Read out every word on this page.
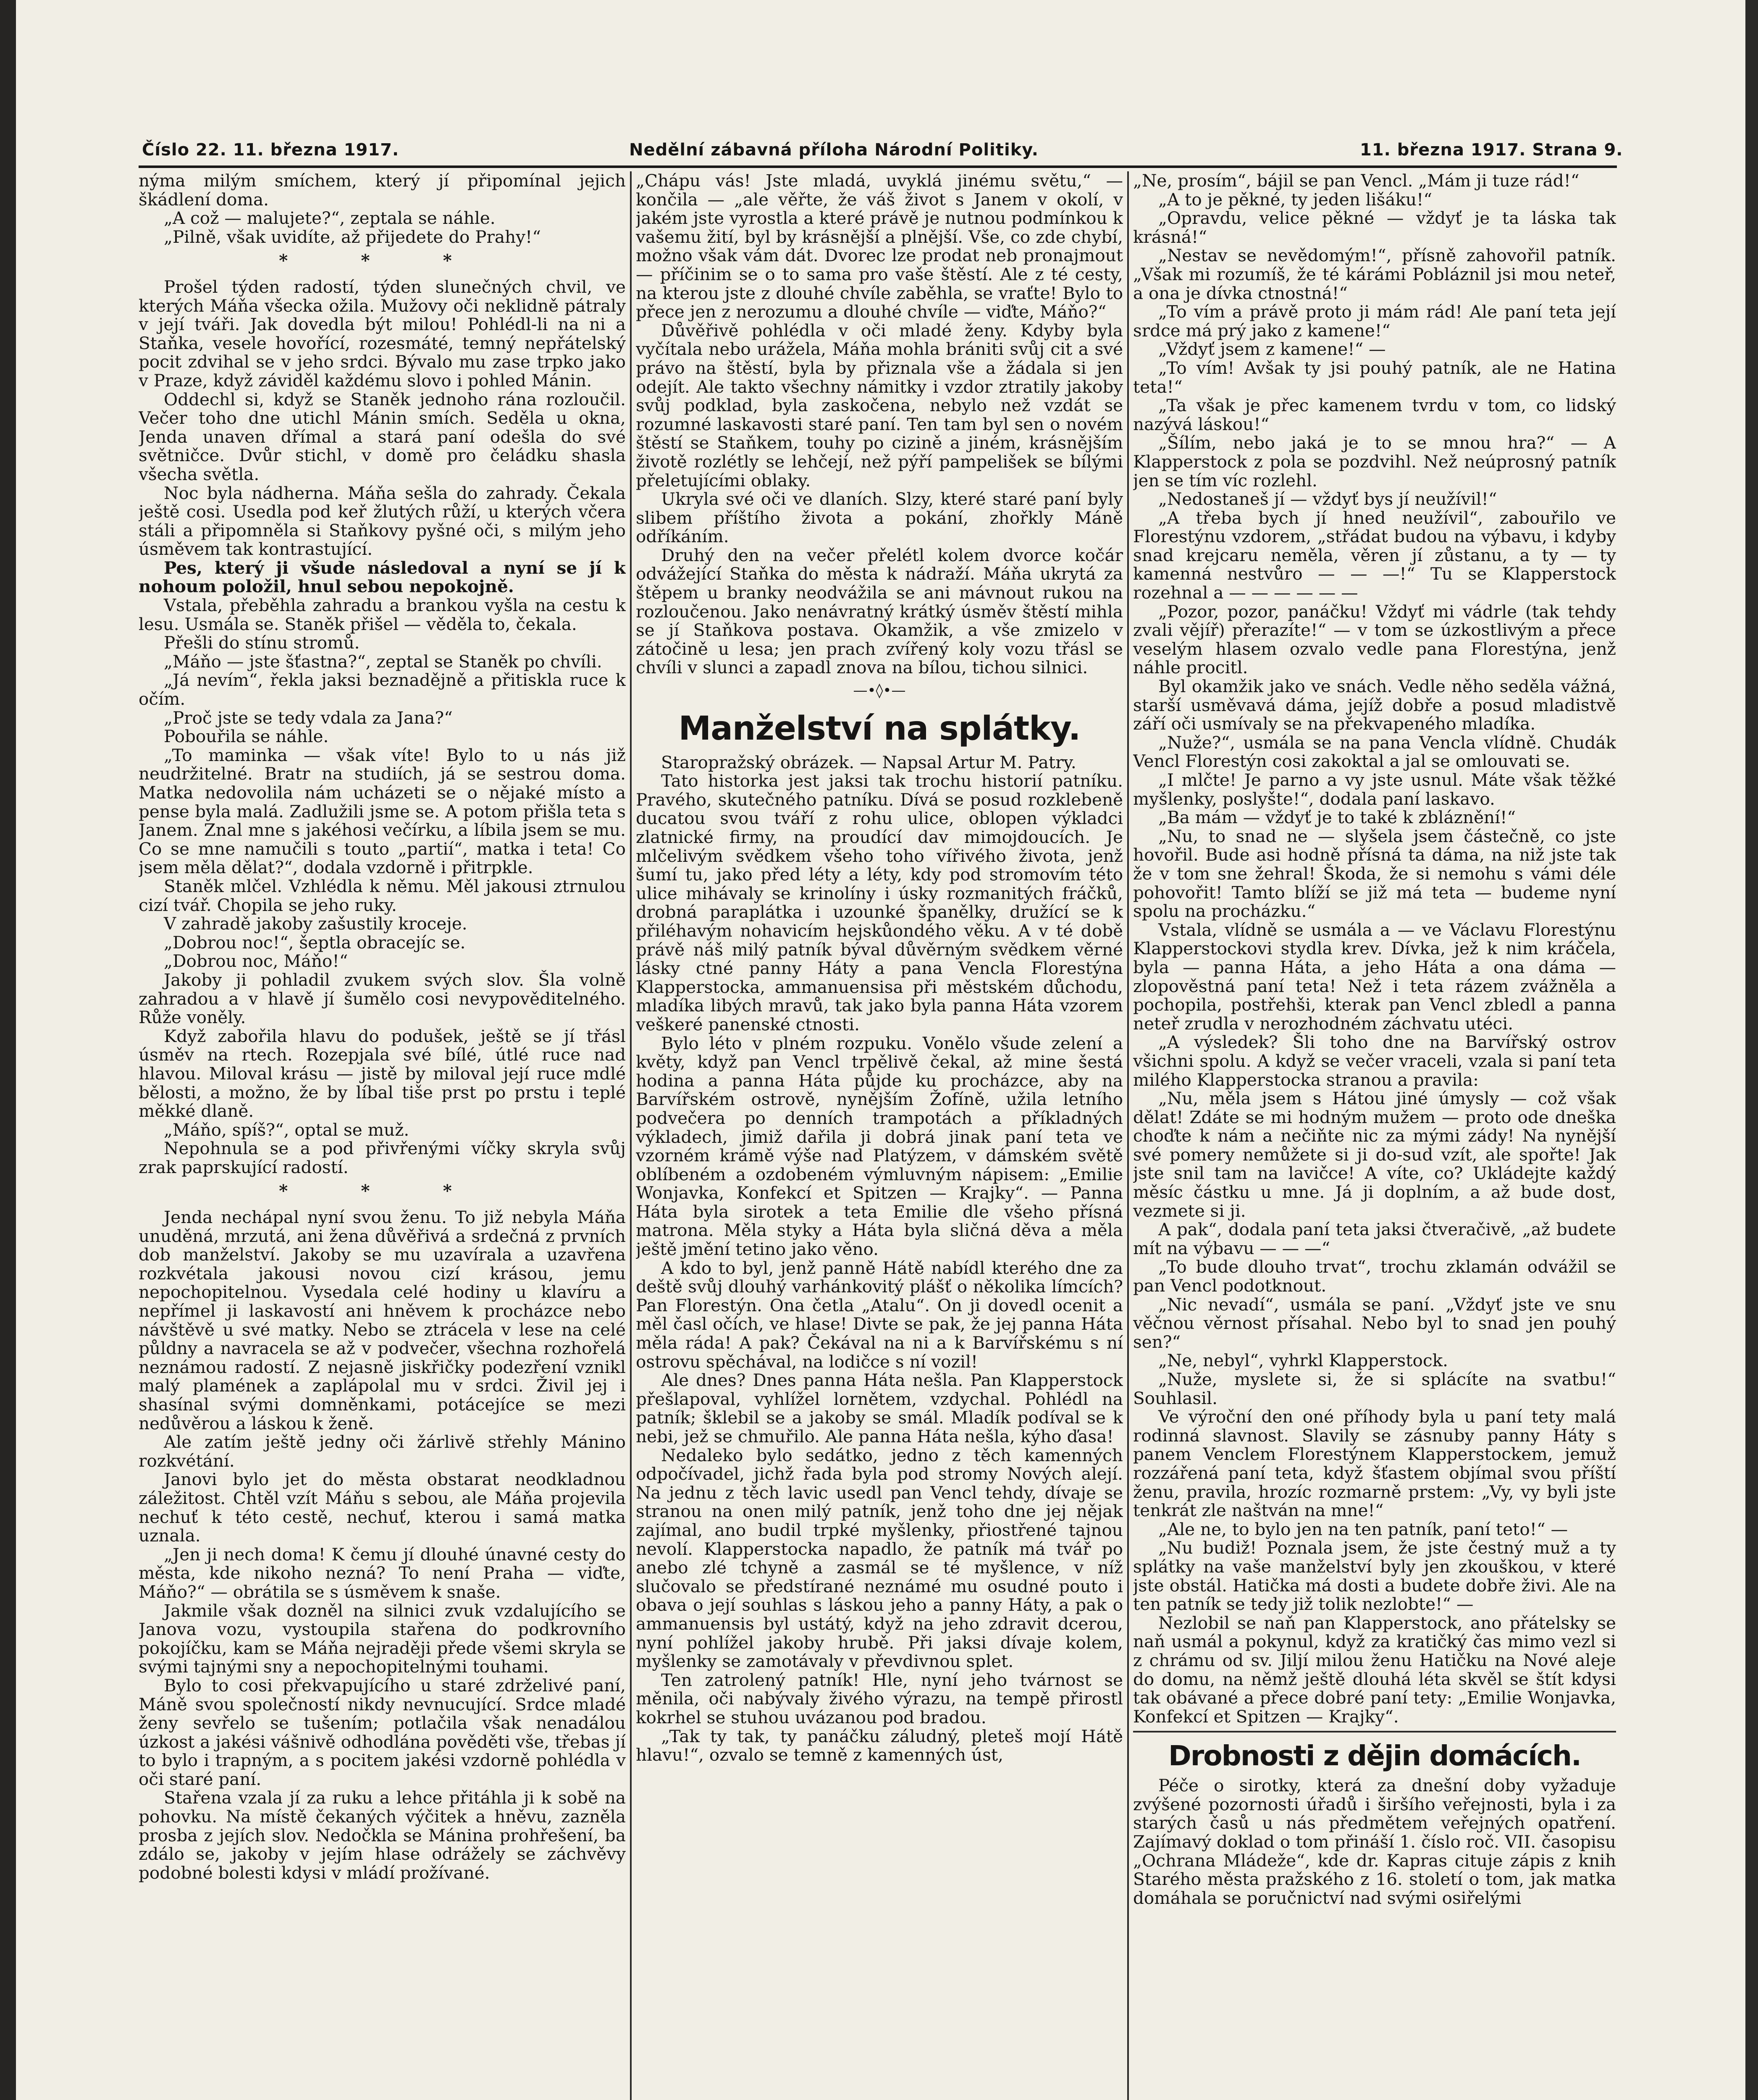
Číslo 22. 11. března 1917.	Nedělní zábavná příloha Národní Politiky.	11. března 1917. Strana 9.

nýma milým smíchem, který jí připomínal jejich škádlení doma.

„A což — malujete?“, zeptala se náhle.

„Pilně, však uvidíte, až přijedete do Prahy!“

* * *

Prošel týden radostí, týden slunečných chvil, ve kterých Máňa všecka ožila. Mužovy oči neklidně pátraly v její tváři. Jak dovedla být milou! Pohlédl-li na ni a Staňka, vesele hovořící, rozesmáté, temný nepřátelský pocit zdvihal se v jeho srdci. Bývalo mu zase trpko jako v Praze, když záviděl každému slovo i pohled Mánin.

Oddechl si, když se Staněk jednoho rána rozloučil. Večer toho dne utichl Mánin smích. Seděla u okna, Jenda unaven dřímal a stará paní odešla do své světničce. Dvůr stichl, v domě pro čeládku shasla všecha světla.

Noc byla nádherna. Máňa sešla do zahrady. Čekala ještě cosi. Usedla pod keř žlutých růží, u kterých včera stáli a připomněla si Staňkovy pyšné oči, s milým jeho úsměvem tak kontrastující.

Pes, který ji všude následoval a nyní se jí k nohoum položil, hnul sebou nepokojně.

Vstala, přeběhla zahradu a brankou vyšla na cestu k lesu. Usmála se. Staněk přišel — věděla to, čekala.

Přešli do stínu stromů.

„Máňo — jste šťastna?“, zeptal se Staněk po chvíli.

„Já nevím“, řekla jaksi beznadějně a přitiskla ruce k očím.

„Proč jste se tedy vdala za Jana?“

Pobouřila se náhle.

„To maminka — však víte! Bylo to u nás již neudržitelné. Bratr na studiích, já se sestrou doma. Matka nedovolila nám ucházeti se o nějaké místo a pense byla malá. Zadlužili jsme se. A potom přišla teta s Janem. Znal mne s jakéhosi večírku, a líbila jsem se mu. Co se mne namučili s touto „partií“, matka i teta! Co jsem měla dělat?“, dodala vzdorně i přitrpkle.

Staněk mlčel. Vzhlédla k němu. Měl jakousi ztrnulou cizí tvář. Chopila se jeho ruky.

V zahradě jakoby zašustily kroceje.

„Dobrou noc!“, šeptla obracejíc se.

„Dobrou noc, Máňo!“

Jakoby ji pohladil zvukem svých slov. Šla volně zahradou a v hlavě jí šumělo cosi nevypověditelného. Růže voněly.

Když zabořila hlavu do podušek, ještě se jí třásl úsměv na rtech. Rozepjala své bílé, útlé ruce nad hlavou. Miloval krásu — jistě by miloval její ruce mdlé bělosti, a možno, že by líbal tiše prst po prstu i teplé měkké dlaně.

„Máňo, spíš?“, optal se muž.

Nepohnula se a pod přivřenými víčky skryla svůj zrak paprskující radostí.

* * *

Jenda nechápal nyní svou ženu. To již nebyla Máňa unuděná, mrzutá, ani žena důvěřivá a srdečná z prvních dob manželství. Jakoby se mu uzavírala a uzavřena rozkvétala jakousi novou cizí krásou, jemu nepochopitelnou. Vysedala celé hodiny u klavíru a nepřímel ji laskavostí ani hněvem k procházce nebo návštěvě u své matky. Nebo se ztrácela v lese na celé půldny a navracela se až v podvečer, všechna rozhořelá neznámou radostí. Z nejasně jiskřičky podezření vznikl malý plamének a zaplápolal mu v srdci. Živil jej i shasínal svými domněnkami, potácejíce se mezi nedůvěrou a láskou k ženě.

Ale zatím ještě jedny oči žárlivě střehly Mánino rozkvétání.

Janovi bylo jet do města obstarat neodkladnou záležitost. Chtěl vzít Máňu s sebou, ale Máňa projevila nechuť k této cestě, nechuť, kterou i samá matka uznala.

„Jen ji nech doma! K čemu jí dlouhé únavné cesty do města, kde nikoho nezná? To není Praha — viďte, Máňo?“ — obrátila se s úsměvem k snaše.

Jakmile však dozněl na silnici zvuk vzdalujícího se Janova vozu, vystoupila stařena do podkrovního pokojíčku, kam se Máňa nejraději přede všemi skryla se svými tajnými sny a nepochopitelnými touhami.

Bylo to cosi překvapujícího u staré zdrželivé paní, Máně svou společností nikdy nevnucující. Srdce mladé ženy sevřelo se tušením; potlačila však nenadálou úzkost a jakési vášnivě odhodlána pověděti vše, třebas jí to bylo i trapným, a s pocitem jakési vzdorně pohlédla v oči staré paní.

Stařena vzala jí za ruku a lehce přitáhla ji k sobě na pohovku. Na místě čekaných výčitek a hněvu, zazněla prosba z jejích slov. Nedočkla se Mánina prohřešení, ba zdálo se, jakoby v jejím hlase odrážely se záchvěvy podobné bolesti kdysi v mládí prožívané.

„Chápu vás! Jste mladá, uvyklá jinému světu,“ — končila — „ale věřte, že váš život s Janem v okolí, v jakém jste vyrostla a které právě je nutnou podmínkou k vašemu žití, byl by krásnější a plnější. Vše, co zde chybí, možno však vám dát. Dvorec lze prodat neb pronajmout — příčinim se o to sama pro vaše štěstí. Ale z té cesty, na kterou jste z dlouhé chvíle zaběhla, se vraťte! Bylo to přece jen z nerozumu a dlouhé chvíle — viďte, Máňo?“

Důvěřivě pohlédla v oči mladé ženy. Kdyby byla vyčítala nebo urážela, Máňa mohla brániti svůj cit a své právo na štěstí, byla by přiznala vše a žádala si jen odejít. Ale takto všechny námitky i vzdor ztratily jakoby svůj podklad, byla zaskočena, nebylo než vzdát se rozumné laskavosti staré paní. Ten tam byl sen o novém štěstí se Staňkem, touhy po cizině a jiném, krásnějším životě rozlétly se lehčejí, než pýří pampelišek se bílými přeletujícími oblaky.

Ukryla své oči ve dlaních. Slzy, které staré paní byly slibem příštího života a pokání, zhořkly Máně odříkáním.

Druhý den na večer přelétl kolem dvorce kočár odvážející Staňka do města k nádraží. Máňa ukrytá za štěpem u branky neodvážila se ani mávnout rukou na rozloučenou. Jako nenávratný krátký úsměv štěstí mihla se jí Staňkova postava. Okamžik, a vše zmizelo v zátočině u lesa; jen prach zvířený koly vozu třásl se chvíli v slunci a zapadl znova na bílou, tichou silnici.

—•◊•—
Manželství na splátky.

Staropražský obrázek. — Napsal Artur M. Patry.

Tato historka jest jaksi tak trochu historií patníku. Pravého, skutečného patníku. Dívá se posud rozklebeně ducatou svou tváří z rohu ulice, oblopen výkladci zlatnické firmy, na proudící dav mimojdoucích. Je mlčelivým svědkem všeho toho vířivého života, jenž šumí tu, jako před léty a léty, kdy pod stromovím této ulice mihávaly se krinolíny i úsky rozmanitých fráčků, drobná paraplátka i uzounké španělky, družící se k přiléhavým nohavicím hejskůondého věku. A v té době právě náš milý patník býval důvěrným svědkem věrné lásky ctné panny Háty a pana Vencla Florestýna Klapperstocka, ammanuensisa při městském důchodu, mladíka libých mravů, tak jako byla panna Háta vzorem veškeré panenské ctnosti.

Bylo léto v plném rozpuku. Vonělo všude zelení a květy, když pan Vencl trpělivě čekal, až mine šestá hodina a panna Háta půjde ku procházce, aby na Barvířském ostrově, nynějším Žofíně, užila letního podvečera po denních trampotách a příkladných výkladech, jimiž dařila ji dobrá jinak paní teta ve vzorném krámě výše nad Platýzem, v dámském světě oblíbeném a ozdobeném výmluvným nápisem: „Emilie Wonjavka, Konfekcí et Spitzen — Krajky“. — Panna Háta byla sirotek a teta Emilie dle všeho přísná matrona. Měla styky a Háta byla sličná děva a měla ještě jmění tetino jako věno.

A kdo to byl, jenž panně Hátě nabídl kterého dne za deště svůj dlouhý varhánkovitý plášť o několika límcích? Pan Florestýn. Ona četla „Atalu“. On ji dovedl ocenit a měl časl očích, ve hlase! Divte se pak, že jej panna Háta měla ráda! A pak? Čekával na ni a k Barvířskému s ní ostrovu spěchával, na lodičce s ní vozil!

Ale dnes? Dnes panna Háta nešla. Pan Klapperstock přešlapoval, vyhlížel lornětem, vzdychal. Pohlédl na patník; šklebil se a jakoby se smál. Mladík podíval se k nebi, jež se chmuřilo. Ale panna Háta nešla, kýho ďasa!

Nedaleko bylo sedátko, jedno z těch kamenných odpočívadel, jichž řada byla pod stromy Nových alejí. Na jednu z těch lavic usedl pan Vencl tehdy, dívaje se stranou na onen milý patník, jenž toho dne jej nějak zajímal, ano budil trpké myšlenky, přiostřené tajnou nevolí. Klapperstocka napadlo, že patník má tvář po anebo zlé tchyně a zasmál se té myšlence, v níž slučovalo se předstírané neznámé mu osudné pouto i obava o její souhlas s láskou jeho a panny Háty, a pak o ammanuensis byl ustátý, když na jeho zdravit dcerou, nyní pohlížel jakoby hrubě. Při jaksi dívaje kolem, myšlenky se zamotávaly v převdivnou splet.

Ten zatrolený patník! Hle, nyní jeho tvárnost se měnila, oči nabývaly živého výrazu, na tempě přirostl kokrhel se stuhou uvázanou pod bradou.

„Tak ty tak, ty panáčku záludný, pleteš mojí Hátě hlavu!“, ozvalo se temně z kamenných úst,

„Ne, prosím“, bájil se pan Vencl. „Mám ji tuze rád!“

„A to je pěkné, ty jeden lišáku!“

„Opravdu, velice pěkné — vždyť je ta láska tak krásná!“

„Nestav se nevědomým!“, přísně zahovořil patník. „Však mi rozumíš, že té kárámi Pobláznil jsi mou neteř, a ona je dívka ctnostná!“

„To vím a právě proto ji mám rád! Ale paní teta její srdce má prý jako z kamene!“

„Vždyť jsem z kamene!“ —

„To vím! Avšak ty jsi pouhý patník, ale ne Hatina teta!“

„Ta však je přec kamenem tvrdu v tom, co lidský nazývá láskou!“

„Šílím, nebo jaká je to se mnou hra?“ — A Klapperstock z pola se pozdvihl. Než neúprosný patník jen se tím víc rozlehl.

„Nedostaneš jí — vždyť bys jí neužívil!“

„A třeba bych jí hned neužívil“, zabouřilo ve Florestýnu vzdorem, „střádat budou na výbavu, i kdyby snad krejcaru neměla, věren jí zůstanu, a ty — ty kamenná nestvůro — — —!“ Tu se Klapperstock rozehnal a — — — — — —

„Pozor, pozor, panáčku! Vždyť mi vádrle (tak tehdy zvali vějíř) přerazíte!“ — v tom se úzkostlivým a přece veselým hlasem ozvalo vedle pana Florestýna, jenž náhle procitl.

Byl okamžik jako ve snách. Vedle něho seděla vážná, starší usměvavá dáma, jejíž dobře a posud mladistvě září oči usmívaly se na překvapeného mladíka.

„Nuže?“, usmála se na pana Vencla vlídně. Chudák Vencl Florestýn cosi zakoktal a jal se omlouvati se.

„I mlčte! Je parno a vy jste usnul. Máte však těžké myšlenky, poslyšte!“, dodala paní laskavo.

„Ba mám — vždyť je to také k zbláznění!“

„Nu, to snad ne — slyšela jsem částečně, co jste hovořil. Bude asi hodně přísná ta dáma, na niž jste tak že v tom sne žehral! Škoda, že si nemohu s vámi déle pohovořit! Tamto blíží se již má teta — budeme nyní spolu na procházku.“

Vstala, vlídně se usmála a — ve Václavu Florestýnu Klapperstockovi stydla krev. Dívka, jež k nim kráčela, byla — panna Háta, a jeho Háta a ona dáma — zlopověstná paní teta! Než i teta rázem zvážněla a pochopila, postřehši, kterak pan Vencl zbledl a panna neteř zrudla v nerozhodném záchvatu utéci.

„A výsledek? Šli toho dne na Barvířský ostrov všichni spolu. A když se večer vraceli, vzala si paní teta milého Klapperstocka stranou a pravila:

„Nu, měla jsem s Hátou jiné úmysly — což však dělat! Zdáte se mi hodným mužem — proto ode dneška choďte k nám a nečiňte nic za mými zády! Na nynější své pomery nemůžete si ji do-sud vzít, ale spořte! Jak jste snil tam na lavičce! A víte, co? Ukládejte každý měsíc částku u mne. Já ji doplním, a až bude dost, vezmete si ji.

A pak“, dodala paní teta jaksi čtveračivě, „až budete mít na výbavu — — —“

„To bude dlouho trvat“, trochu zklamán odvážil se pan Vencl podotknout.

„Nic nevadí“, usmála se paní. „Vždyť jste ve snu věčnou věrnost přísahal. Nebo byl to snad jen pouhý sen?“

„Ne, nebyl“, vyhrkl Klapperstock.

„Nuže, myslete si, že si splácíte na svatbu!“ Souhlasil.

Ve výroční den oné příhody byla u paní tety malá rodinná slavnost. Slavily se zásnuby panny Háty s panem Venclem Florestýnem Klapperstockem, jemuž rozzářená paní teta, když šťastem objímal svou příští ženu, pravila, hrozíc rozmarně prstem: „Vy, vy byli jste tenkrát zle naštván na mne!“

„Ale ne, to bylo jen na ten patník, paní teto!“ —

„Nu budiž! Poznala jsem, že jste čestný muž a ty splátky na vaše manželství byly jen zkouškou, v které jste obstál. Hatička má dosti a budete dobře živi. Ale na ten patník se tedy již tolik nezlobte!“ —

Nezlobil se naň pan Klapperstock, ano přátelsky se naň usmál a pokynul, když za kratičký čas mimo vezl si z chrámu od sv. Jiljí milou ženu Hatičku na Nové aleje do domu, na němž ještě dlouhá léta skvěl se štít kdysi tak obávané a přece dobré paní tety: „Emilie Wonjavka, Konfekcí et Spitzen — Krajky“.

Drobnosti z dějin domácích.

Péče o sirotky, která za dnešní doby vyžaduje zvýšené pozornosti úřadů i širšího veřejnosti, byla i za starých časů u nás předmětem veřejných opatření. Zajímavý doklad o tom přináší 1. číslo roč. VII. časopisu „Ochrana Mládeže“, kde dr. Kapras cituje zápis z knih Starého města pražského z 16. století o tom, jak matka domáhala se poručnictví nad svými osiřelými
